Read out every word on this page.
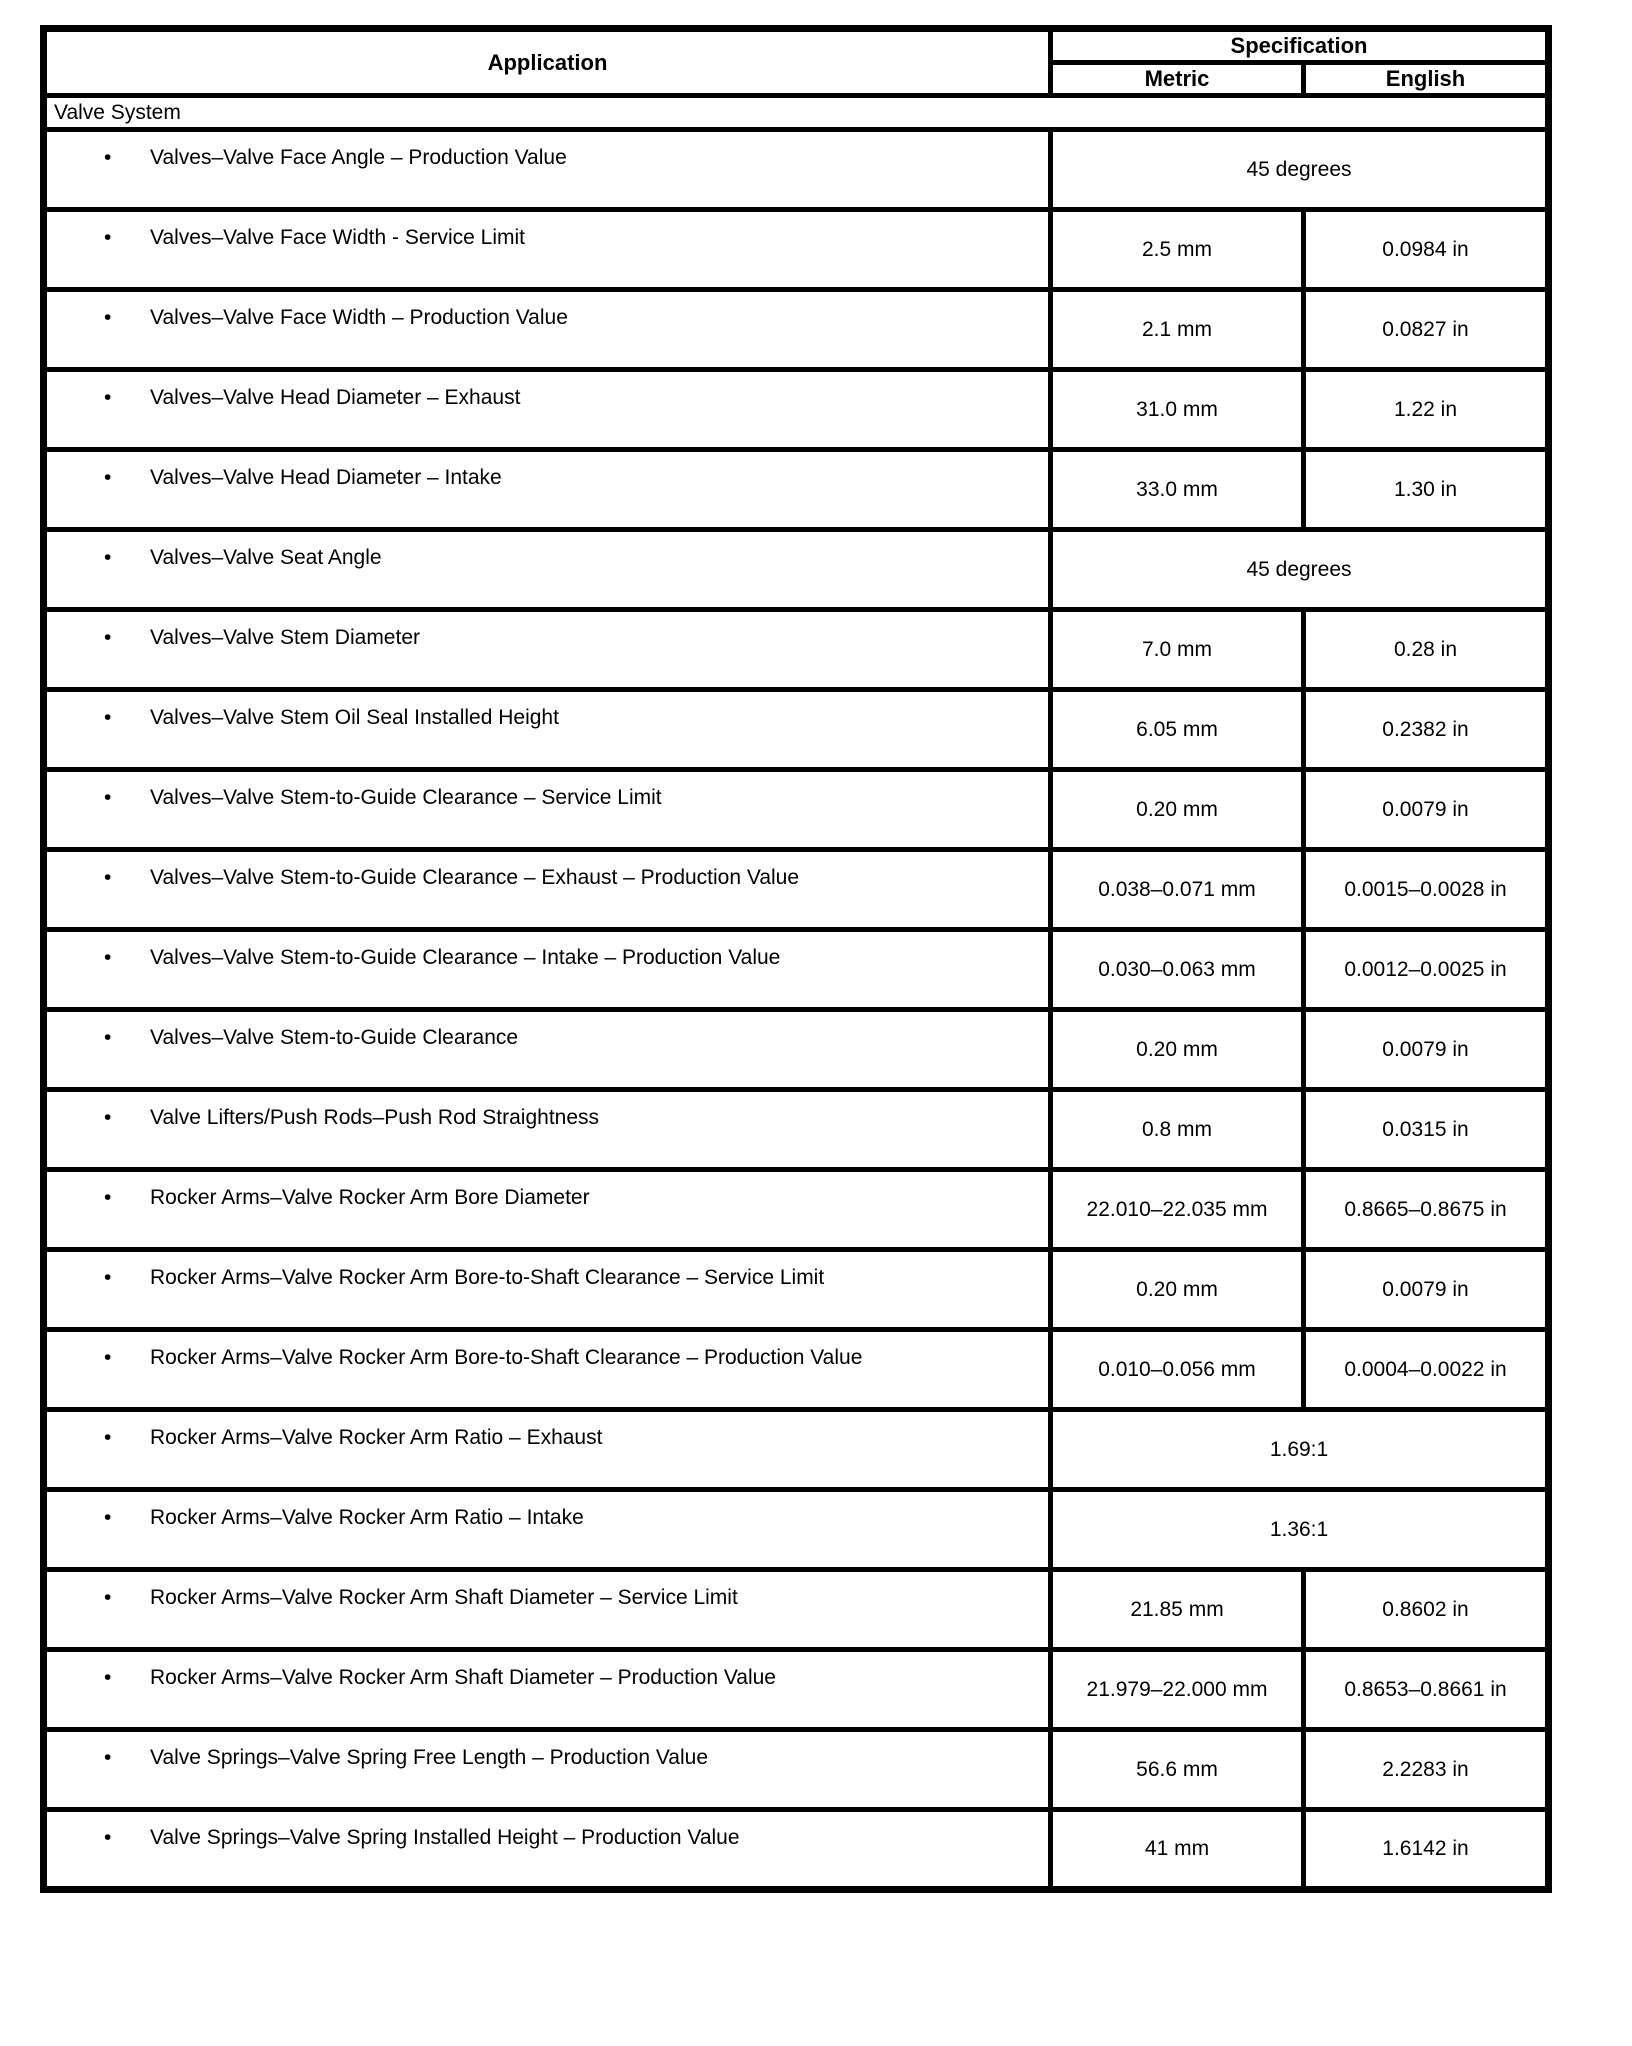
Application	Specification	
	Metric	English
Valve System		
• Valves–Valve Face Angle – Production Value	45 degrees	
• Valves–Valve Face Width - Service Limit	2.5 mm	0.0984 in
• Valves–Valve Face Width – Production Value	2.1 mm	0.0827 in
• Valves–Valve Head Diameter – Exhaust	31.0 mm	1.22 in
• Valves–Valve Head Diameter – Intake	33.0 mm	1.30 in
• Valves–Valve Seat Angle	45 degrees	
• Valves–Valve Stem Diameter	7.0 mm	0.28 in
• Valves–Valve Stem Oil Seal Installed Height	6.05 mm	0.2382 in
• Valves–Valve Stem-to-Guide Clearance – Service Limit	0.20 mm	0.0079 in
• Valves–Valve Stem-to-Guide Clearance – Exhaust – Production Value	0.038–0.071 mm	0.0015–0.0028 in
• Valves–Valve Stem-to-Guide Clearance – Intake – Production Value	0.030–0.063 mm	0.0012–0.0025 in
• Valves–Valve Stem-to-Guide Clearance	0.20 mm	0.0079 in
• Valve Lifters/Push Rods–Push Rod Straightness	0.8 mm	0.0315 in
• Rocker Arms–Valve Rocker Arm Bore Diameter	22.010–22.035 mm	0.8665–0.8675 in
• Rocker Arms–Valve Rocker Arm Bore-to-Shaft Clearance – Service Limit	0.20 mm	0.0079 in
• Rocker Arms–Valve Rocker Arm Bore-to-Shaft Clearance – Production Value	0.010–0.056 mm	0.0004–0.0022 in
• Rocker Arms–Valve Rocker Arm Ratio – Exhaust	1.69:1	
• Rocker Arms–Valve Rocker Arm Ratio – Intake	1.36:1	
• Rocker Arms–Valve Rocker Arm Shaft Diameter – Service Limit	21.85 mm	0.8602 in
• Rocker Arms–Valve Rocker Arm Shaft Diameter – Production Value	21.979–22.000 mm	0.8653–0.8661 in
• Valve Springs–Valve Spring Free Length – Production Value	56.6 mm	2.2283 in
• Valve Springs–Valve Spring Installed Height – Production Value	41 mm	1.6142 in
